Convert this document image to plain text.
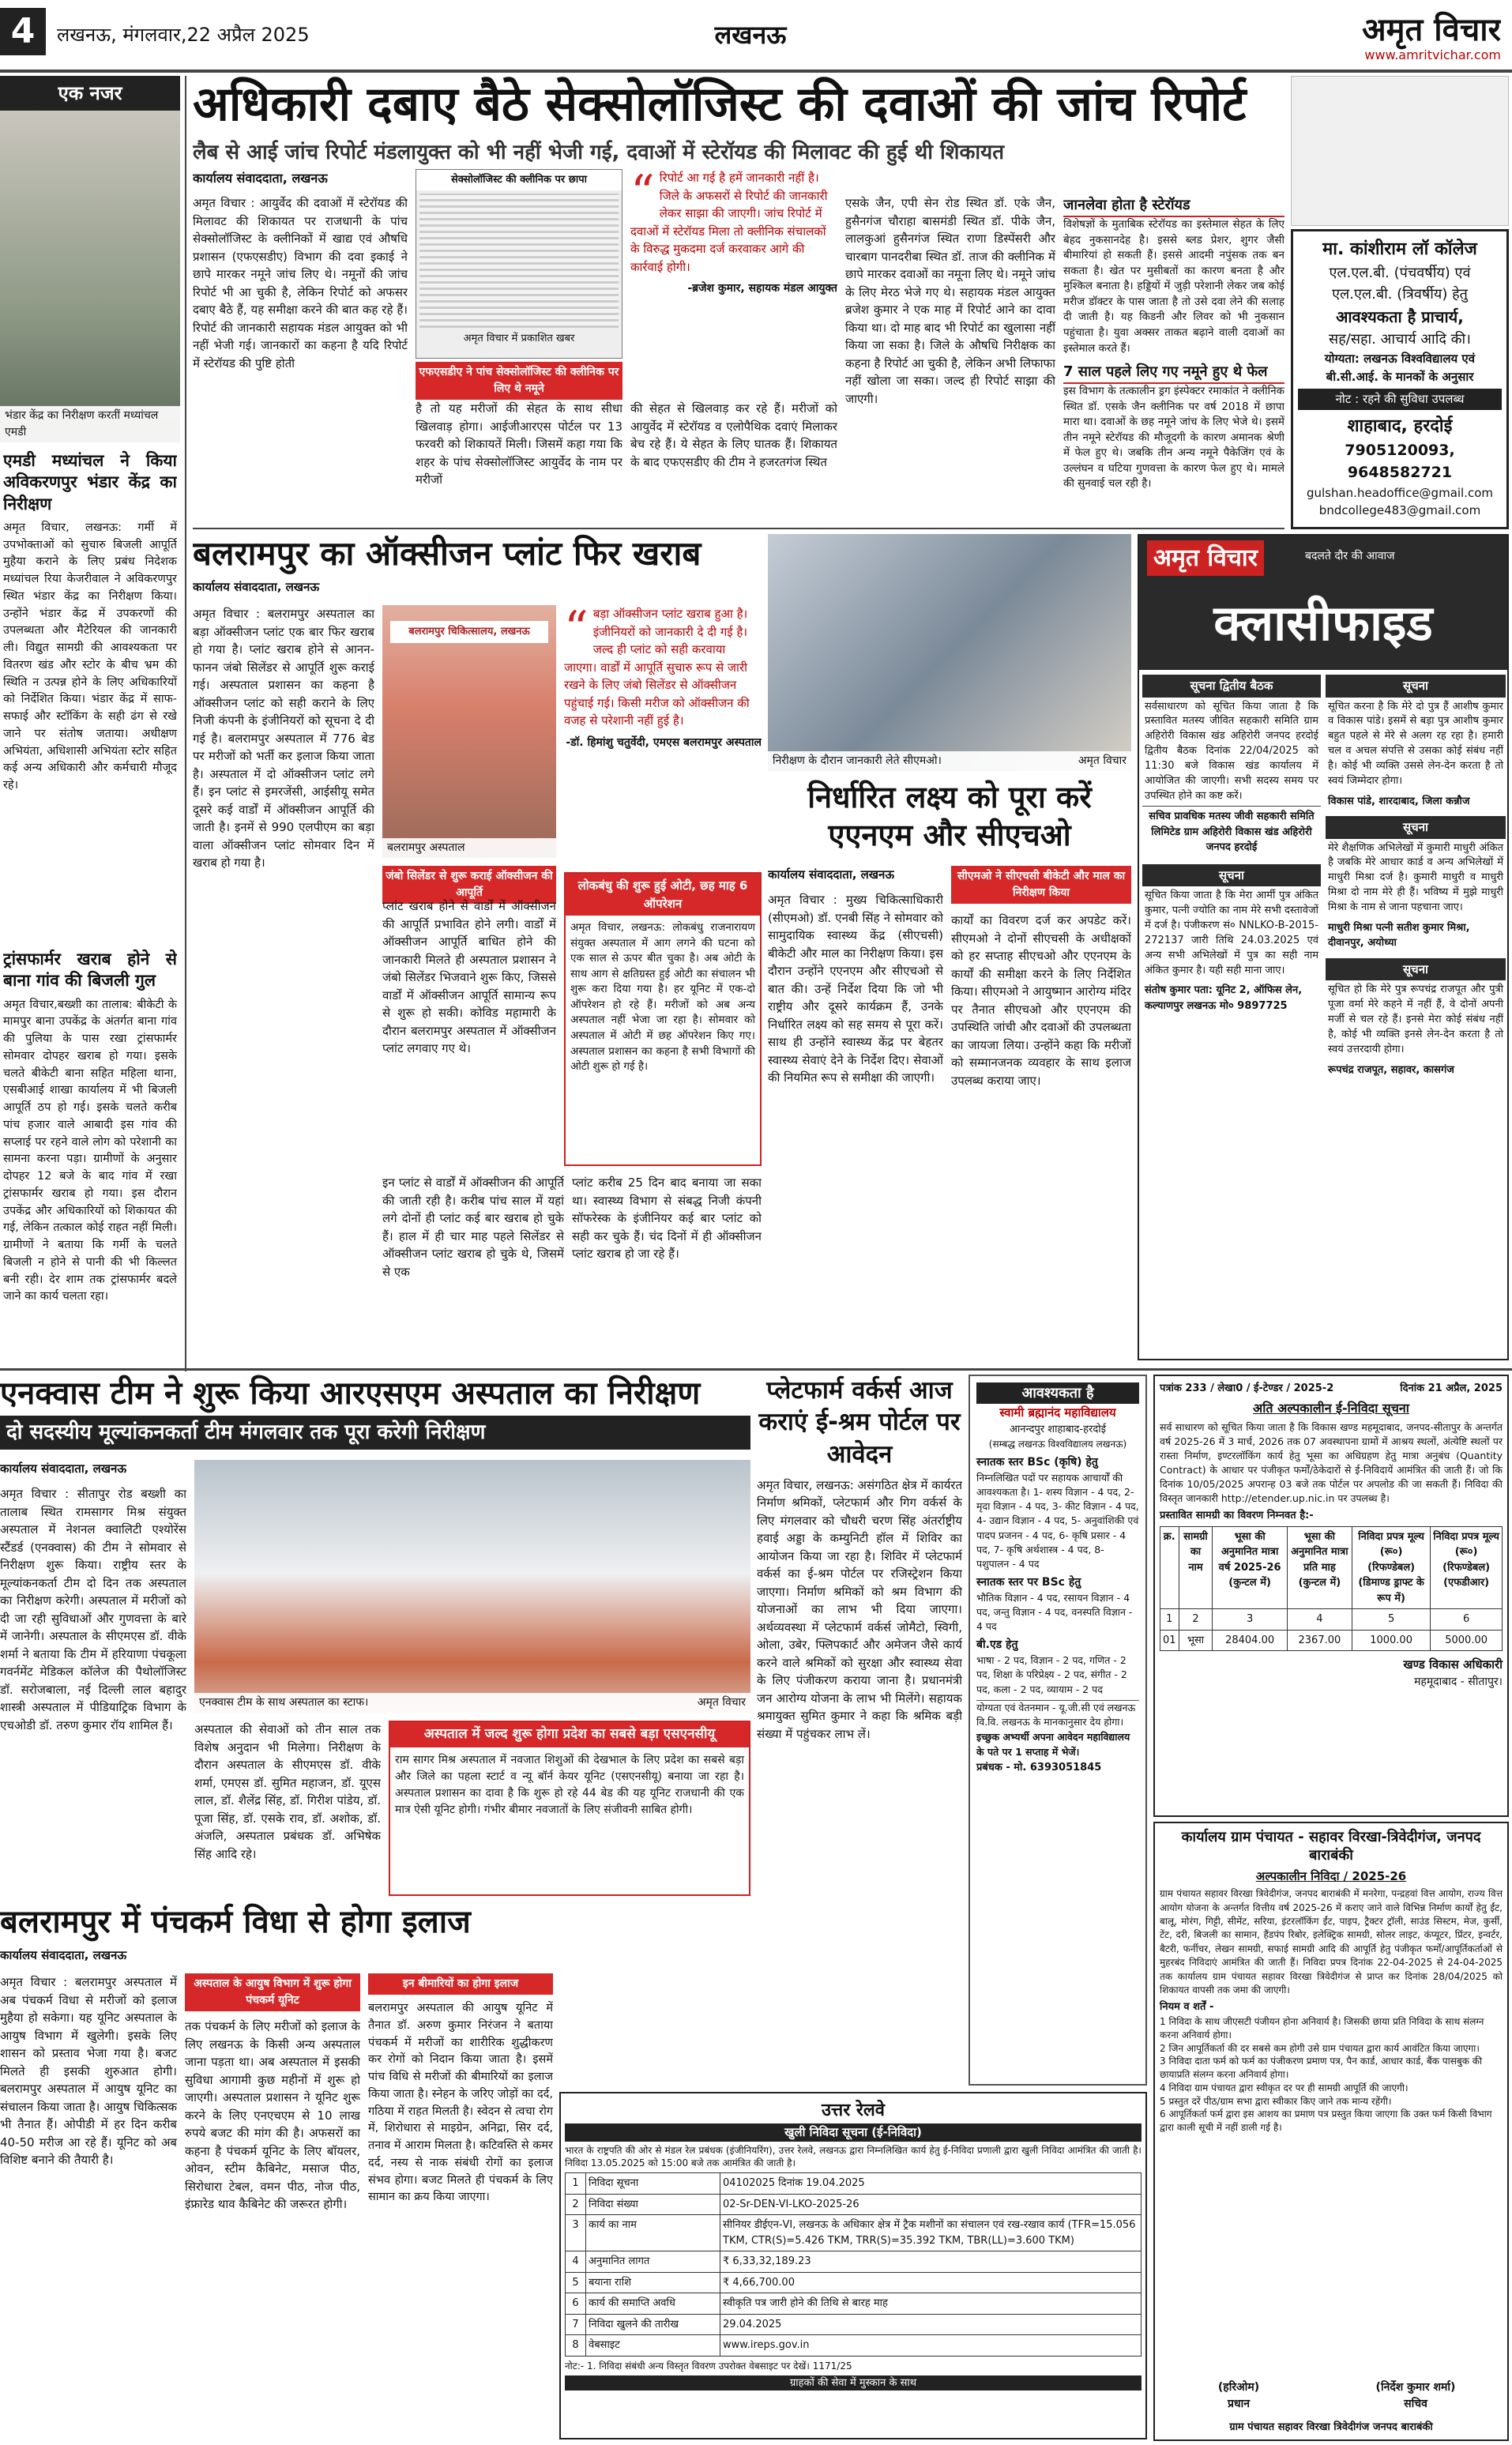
4	लखनऊ, मंगलवार,22 अप्रैल 2025	लखनऊ	अमृत विचार
www.amritvichar.com
एक नजर
भंडार केंद्र का निरीक्षण करतीं मध्यांचल एमडी
एमडी मध्यांचल ने किया अविकरणपुर भंडार केंद्र का निरीक्षण
अमृत विचार, लखनऊ: गर्मी में उपभोक्ताओं को सुचारु बिजली आपूर्ति मुहैया कराने के लिए प्रबंध निदेशक मध्यांचल रिया केजरीवाल ने अविकरणपुर स्थित भंडार केंद्र का निरीक्षण किया। उन्होंने भंडार केंद्र में उपकरणों की उपलब्धता और मैटेरियल की जानकारी ली। विद्युत सामग्री की आवश्यकता पर वितरण खंड और स्टोर के बीच भ्रम की स्थिति न उत्पन्न होने के लिए अधिकारियों को निर्देशित किया। भंडार केंद्र में साफ-सफाई और स्टॉकिंग के सही ढंग से रखे जाने पर संतोष जताया। अधीक्षण अभियंता, अधिशासी अभियंता स्टोर सहित कई अन्य अधिकारी और कर्मचारी मौजूद रहे।
ट्रांसफार्मर खराब होने से बाना गांव की बिजली गुल
अमृत विचार,बख्शी का तालाब: बीकेटी के मामपुर बाना उपकेंद्र के अंतर्गत बाना गांव की पुलिया के पास रखा ट्रांसफार्मर सोमवार दोपहर खराब हो गया। इसके चलते बीकेटी बाना सहित महिला थाना, एसबीआई शाखा कार्यालय में भी बिजली आपूर्ति ठप हो गई। इसके चलते करीब पांच हजार वाले आबादी इस गांव की सप्लाई पर रहने वाले लोग को परेशानी का सामना करना पड़ा। ग्रामीणों के अनुसार दोपहर 12 बजे के बाद गांव में रखा ट्रांसफार्मर खराब हो गया। इस दौरान उपकेंद्र और अधिकारियों को शिकायत की गई, लेकिन तत्काल कोई राहत नहीं मिली। ग्रामीणों ने बताया कि गर्मी के चलते बिजली न होने से पानी की भी किल्लत बनी रही। देर शाम तक ट्रांसफार्मर बदले जाने का कार्य चलता रहा।
अधिकारी दबाए बैठे सेक्सोलॉजिस्ट की दवाओं की जांच रिपोर्ट
लैब से आई जांच रिपोर्ट मंडलायुक्त को भी नहीं भेजी गई, दवाओं में स्टेरॉयड की मिलावट की हुई थी शिकायत
कार्यालय संवाददाता, लखनऊ
अमृत विचार : आयुर्वेद की दवाओं में स्टेरॉयड की मिलावट की शिकायत पर राजधानी के पांच सेक्सोलॉजिस्ट के क्लीनिकों में खाद्य एवं औषधि प्रशासन (एफएसडीए) विभाग की दवा इकाई ने छापे मारकर नमूने जांच लिए थे। नमूनों की जांच रिपोर्ट भी आ चुकी है, लेकिन रिपोर्ट को अफसर दबाए बैठे हैं, यह समीक्षा करने की बात कह रहे हैं। रिपोर्ट की जानकारी सहायक मंडल आयुक्त को भी नहीं भेजी गई। जानकारों का कहना है यदि रिपोर्ट में स्टेरॉयड की पुष्टि होती
सेक्सोलॉजिस्ट की क्लीनिक पर छापा
अमृत विचार में प्रकाशित खबर
एफएसडीए ने पांच सेक्सोलॉजिस्ट की क्लीनिक पर लिए थे नमूने
है तो यह मरीजों की सेहत के साथ सीधा खिलवाड़ होगा। आईजीआरएस पोर्टल पर 13 फरवरी को शिकायतें मिली। जिसमें कहा गया कि शहर के पांच सेक्सोलॉजिस्ट आयुर्वेद के नाम पर मरीजों
“ रिपोर्ट आ गई है हमें जानकारी नहीं है। जिले के अफसरों से रिपोर्ट की जानकारी लेकर साझा की जाएगी। जांच रिपोर्ट में दवाओं में स्टेरॉयड मिला तो क्लीनिक संचालकों के विरुद्ध मुकदमा दर्ज करवाकर आगे की कार्रवाई होगी।
-ब्रजेश कुमार, सहायक मंडल आयुक्त
की सेहत से खिलवाड़ कर रहे हैं। मरीजों को आयुर्वेद में स्टेरॉयड व एलोपैथिक दवाएं मिलाकर बेच रहे हैं। ये सेहत के लिए घातक हैं। शिकायत के बाद एफएसडीए की टीम ने हजरतगंज स्थित
एसके जैन, एपी सेन रोड स्थित डॉ. एके जैन, हुसैनगंज चौराहा बासमंडी स्थित डॉ. पीके जैन, लालकुआं हुसैनगंज स्थित राणा डिस्पेंसरी और चारबाग पानदरीबा स्थित डॉ. ताज की क्लीनिक में छापे मारकर दवाओं का नमूना लिए थे। नमूने जांच के लिए मेरठ भेजे गए थे। सहायक मंडल आयुक्त ब्रजेश कुमार ने एक माह में रिपोर्ट आने का दावा किया था। दो माह बाद भी रिपोर्ट का खुलासा नहीं किया जा सका है। जिले के औषधि निरीक्षक का कहना है रिपोर्ट आ चुकी है, लेकिन अभी लिफाफा नहीं खोला जा सका। जल्द ही रिपोर्ट साझा की जाएगी।
जानलेवा होता है स्टेरॉयड
विशेषज्ञों के मुताबिक स्टेरॉयड का इस्तेमाल सेहत के लिए बेहद नुकसानदेह है। इससे ब्लड प्रेशर, शुगर जैसी बीमारियां हो सकती हैं। इससे आदमी नपुंसक तक बन सकता है। खेत पर मुसीबतों का कारण बनता है और मुश्किल बनाता है। हड्डियों में जुड़ी परेशानी लेकर जब कोई मरीज डॉक्टर के पास जाता है तो उसे दवा लेने की सलाह दी जाती है। यह किडनी और लिवर को भी नुकसान पहुंचाता है। युवा अक्सर ताकत बढ़ाने वाली दवाओं का इस्तेमाल करते हैं।
7 साल पहले लिए गए नमूने हुए थे फेल
इस विभाग के तत्कालीन ड्रग इंस्पेक्टर रमाकांत ने क्लीनिक स्थित डॉ. एसके जैन क्लीनिक पर वर्ष 2018 में छापा मारा था। दवाओं के छह नमूने जांच के लिए भेजे थे। इसमें तीन नमूने स्टेरॉयड की मौजूदगी के कारण अमानक श्रेणी में फेल हुए थे। जबकि तीन अन्य नमूने पैकेजिंग एवं के उल्लंघन व घटिया गुणवत्ता के कारण फेल हुए थे। मामले की सुनवाई चल रही है।
मा. कांशीराम लॉ कॉलेज
एल.एल.बी. (पंचवर्षीय) एवं
एल.एल.बी. (त्रिवर्षीय) हेतु
आवश्यकता है प्राचार्य,
सह/सहा. आचार्य आदि की।
योग्यता: लखनऊ विश्वविद्यालय एवं बी.सी.आई. के मानकों के अनुसार
नोट : रहने की सुविधा उपलब्ध
शाहाबाद, हरदोई
7905120093, 9648582721
gulshan.headoffice@gmail.com
bndcollege483@gmail.com
बलरामपुर का ऑक्सीजन प्लांट फिर खराब
कार्यालय संवाददाता, लखनऊ
अमृत विचार : बलरामपुर अस्पताल का बड़ा ऑक्सीजन प्लांट एक बार फिर खराब हो गया है। प्लांट खराब होने से आनन-फानन जंबो सिलेंडर से आपूर्ति शुरू कराई गई। अस्पताल प्रशासन का कहना है ऑक्सीजन प्लांट को सही कराने के लिए निजी कंपनी के इंजीनियरों को सूचना दे दी गई है। बलरामपुर अस्पताल में 776 बेड पर मरीजों को भर्ती कर इलाज किया जाता है। अस्पताल में दो ऑक्सीजन प्लांट लगे हैं। इन प्लांट से इमरजेंसी, आईसीयू समेत दूसरे कई वार्डों में ऑक्सीजन आपूर्ति की जाती है। इनमें से 990 एलपीएम का बड़ा वाला ऑक्सीजन प्लांट सोमवार दिन में खराब हो गया है।
बलरामपुर चिकित्सालय, लखनऊ
बलरामपुर अस्पताल
जंबो सिलेंडर से शुरू कराई ऑक्सीजन की आपूर्ति
“ बड़ा ऑक्सीजन प्लांट खराब हुआ है। इंजीनियरों को जानकारी दे दी गई है। जल्द ही प्लांट को सही करवाया जाएगा। वार्डों में आपूर्ति सुचारु रूप से जारी रखने के लिए जंबो सिलेंडर से ऑक्सीजन पहुंचाई गई। किसी मरीज को ऑक्सीजन की वजह से परेशानी नहीं हुई है।
-डॉ. हिमांशु चतुर्वेदी, एमएस बलरामपुर अस्पताल
प्लांट खराब होने से वार्डों में ऑक्सीजन की आपूर्ति प्रभावित होने लगी। वार्डों में ऑक्सीजन आपूर्ति बाधित होने की जानकारी मिलते ही अस्पताल प्रशासन ने जंबो सिलेंडर भिजवाने शुरू किए, जिससे वार्डों में ऑक्सीजन आपूर्ति सामान्य रूप से शुरू हो सकी। कोविड महामारी के दौरान बलरामपुर अस्पताल में ऑक्सीजन प्लांट लगवाए गए थे।
लोकबंधु की शुरू हुई ओटी, छह माह 6 ऑपरेशन
अमृत विचार, लखनऊ: लोकबंधु राजनारायण संयुक्त अस्पताल में आग लगने की घटना को एक साल से ऊपर बीत चुका है। अब ओटी के साथ आग से क्षतिग्रस्त हुई ओटी का संचालन भी शुरू करा दिया गया है। हर यूनिट में एक-दो ऑपरेशन हो रहे हैं। मरीजों को अब अन्य अस्पताल नहीं भेजा जा रहा है। सोमवार को अस्पताल में ओटी में छह ऑपरेशन किए गए। अस्पताल प्रशासन का कहना है सभी विभागों की ओटी शुरू हो गई है।
इन प्लांट से वार्डों में ऑक्सीजन की आपूर्ति की जाती रही है। करीब पांच साल में यहां लगे दोनों ही प्लांट कई बार खराब हो चुके हैं। हाल में ही चार माह पहले सिलेंडर से ऑक्सीजन प्लांट खराब हो चुके थे, जिसमें से एक
प्लांट करीब 25 दिन बाद बनाया जा सका था। स्वास्थ्य विभाग से संबद्ध निजी कंपनी सॉफरेस्क के इंजीनियर कई बार प्लांट को सही कर चुके हैं। चंद दिनों में ही ऑक्सीजन प्लांट खराब हो जा रहे हैं।
निरीक्षण के दौरान जानकारी लेते सीएमओ।	अमृत विचार
निर्धारित लक्ष्य को पूरा करें एएनएम और सीएचओ
कार्यालय संवाददाता, लखनऊ
अमृत विचार : मुख्य चिकित्साधिकारी (सीएमओ) डॉ. एनबी सिंह ने सोमवार को सामुदायिक स्वास्थ्य केंद्र (सीएचसी) बीकेटी और माल का निरीक्षण किया। इस दौरान उन्होंने एएनएम और सीएचओ से बात की। उन्हें निर्देश दिया कि जो भी राष्ट्रीय और दूसरे कार्यक्रम हैं, उनके निर्धारित लक्ष्य को सह समय से पूरा करें। साथ ही उन्होंने स्वास्थ्य केंद्र पर बेहतर स्वास्थ्य सेवाएं देने के निर्देश दिए। सेवाओं की नियमित रूप से समीक्षा की जाएगी।
सीएमओ ने सीएचसी बीकेटी और माल का निरीक्षण किया
कार्यों का विवरण दर्ज कर अपडेट करें। सीएमओ ने दोनों सीएचसी के अधीक्षकों को हर सप्ताह सीएचओ और एएनएम के कार्यों की समीक्षा करने के लिए निर्देशित किया। सीएमओ ने आयुष्मान आरोग्य मंदिर पर तैनात सीएचओ और एएनएम की उपस्थिति जांची और दवाओं की उपलब्धता का जायजा लिया। उन्होंने कहा कि मरीजों को सम्मानजनक व्यवहार के साथ इलाज उपलब्ध कराया जाए।
अमृत विचार	बदलते दौर की आवाज
क्लासीफाइड
सूचना द्वितीय बैठक
सर्वसाधारण को सूचित किया जाता है कि प्रस्तावित मतस्य जीवित सहकारी समिति ग्राम अहिरोरी विकास खंड अहिरोरी जनपद हरदोई द्वितीय बैठक दिनांक 22/04/2025 को 11:30 बजे विकास खंड कार्यालय में आयोजित की जाएगी। सभी सदस्य समय पर उपस्थित होने का कष्ट करें।
सचिव प्रावधिक मतस्य जीवी सहकारी समिति लिमिटेड ग्राम अहिरोरी विकास खंड अहिरोरी जनपद हरदोई
सूचना
सूचित किया जाता है कि मेरा आर्मी पुत्र अंकित कुमार, पत्नी ज्योति का नाम मेरे सभी दस्तावेजों में दर्ज है। पंजीकरण सं० NNLKO-B-2015-272137 जारी तिथि 24.03.2025 एवं अन्य सभी अभिलेखों में पुत्र का सही नाम अंकित कुमार है। यही सही माना जाए।
संतोष कुमार पता: यूनिट 2, ऑफिस लेन, कल्याणपुर लखनऊ मो० 9897725
सूचना
सूचित करना है कि मेरे दो पुत्र हैं आशीष कुमार व विकास पांडे। इसमें से बड़ा पुत्र आशीष कुमार बहुत पहले से मेरे से अलग रह रहा है। हमारी चल व अचल संपत्ति से उसका कोई संबंध नहीं है। कोई भी व्यक्ति उससे लेन-देन करता है तो स्वयं जिम्मेदार होगा।
विकास पांडे, शारदाबाद, जिला कन्नौज
सूचना
मेरे शैक्षणिक अभिलेखों में कुमारी माधुरी अंकित है जबकि मेरे आधार कार्ड व अन्य अभिलेखों में माधुरी मिश्रा दर्ज है। कुमारी माधुरी व माधुरी मिश्रा दो नाम मेरे ही हैं। भविष्य में मुझे माधुरी मिश्रा के नाम से जाना पहचाना जाए।
माधुरी मिश्रा पत्नी सतीश कुमार मिश्रा, दीवानपुर, अयोध्या
सूचना
सूचित हो कि मेरे पुत्र रूपचंद्र राजपूत और पुत्री पूजा वर्मा मेरे कहने में नहीं हैं, वे दोनों अपनी मर्जी से चल रहे हैं। इनसे मेरा कोई संबंध नहीं है, कोई भी व्यक्ति इनसे लेन-देन करता है तो स्वयं उत्तरदायी होगा।
रूपचंद्र राजपूत, सहावर, कासगंज
एनक्वास टीम ने शुरू किया आरएसएम अस्पताल का निरीक्षण
दो सदस्यीय मूल्यांकनकर्ता टीम मंगलवार तक पूरा करेगी निरीक्षण
कार्यालय संवाददाता, लखनऊ
अमृत विचार : सीतापुर रोड बख्शी का तालाब स्थित रामसागर मिश्र संयुक्त अस्पताल में नेशनल क्वालिटी एश्योरेंस स्टैंडर्ड (एनक्वास) की टीम ने सोमवार से निरीक्षण शुरू किया। राष्ट्रीय स्तर के मूल्यांकनकर्ता टीम दो दिन तक अस्पताल का निरीक्षण करेगी। अस्पताल में मरीजों को दी जा रही सुविधाओं और गुणवत्ता के बारे में जानेगी। अस्पताल के सीएमएस डॉ. वीके शर्मा ने बताया कि टीम में हरियाणा पंचकूला गवर्नमेंट मेडिकल कॉलेज की पैथोलॉजिस्ट डॉ. सरोजबाला, नई दिल्ली लाल बहादुर शास्त्री अस्पताल में पीडियाट्रिक विभाग के एचओडी डॉ. तरुण कुमार रॉय शामिल हैं।
एनक्वास टीम के साथ अस्पताल का स्टाफ।	अमृत विचार
अस्पताल की सेवाओं को तीन साल तक विशेष अनुदान भी मिलेगा। निरीक्षण के दौरान अस्पताल के सीएमएस डॉ. वीके शर्मा, एमएस डॉ. सुमित महाजन, डॉ. यूएस लाल, डॉ. शैलेंद्र सिंह, डॉ. गिरीश पांडेय, डॉ. पूजा सिंह, डॉ. एसके राव, डॉ. अशोक, डॉ. अंजलि, अस्पताल प्रबंधक डॉ. अभिषेक सिंह आदि रहे।
अस्पताल में जल्द शुरू होगा प्रदेश का सबसे बड़ा एसएनसीयू
राम सागर मिश्र अस्पताल में नवजात शिशुओं की देखभाल के लिए प्रदेश का सबसे बड़ा और जिले का पहला स्टार्ट व न्यू बॉर्न केयर यूनिट (एसएनसीयू) बनाया जा रहा है। अस्पताल प्रशासन का दावा है कि शुरू हो रहे 44 बेड की यह यूनिट राजधानी की एक मात्र ऐसी यूनिट होगी। गंभीर बीमार नवजातों के लिए संजीवनी साबित होगी।
प्लेटफार्म वर्कर्स आज कराएं ई-श्रम पोर्टल पर आवेदन
अमृत विचार, लखनऊ: असंगठित क्षेत्र में कार्यरत निर्माण श्रमिकों, प्लेटफार्म और गिग वर्कर्स के लिए मंगलवार को चौधरी चरण सिंह अंतर्राष्ट्रीय हवाई अड्डा के कम्युनिटी हॉल में शिविर का आयोजन किया जा रहा है। शिविर में प्लेटफार्म वर्कर्स का ई-श्रम पोर्टल पर रजिस्ट्रेशन किया जाएगा। निर्माण श्रमिकों को श्रम विभाग की योजनाओं का लाभ भी दिया जाएगा। अर्थव्यवस्था में प्लेटफार्म वर्कर्स जोमैटो, स्विगी, ओला, उबेर, फ्लिपकार्ट और अमेजन जैसे कार्य करने वाले श्रमिकों को सुरक्षा और स्वास्थ्य सेवा के लिए पंजीकरण कराया जाना है। प्रधानमंत्री जन आरोग्य योजना के लाभ भी मिलेंगे। सहायक श्रमायुक्त सुमित कुमार ने कहा कि श्रमिक बड़ी संख्या में पहुंचकर लाभ लें।
आवश्यकता है
स्वामी ब्रह्मानंद महाविद्यालय
आनन्दपुर शाहाबाद-हरदोई
(सम्बद्ध लखनऊ विश्वविद्यालय लखनऊ)
स्नातक स्तर BSc (कृषि) हेतु
निम्नलिखित पदों पर सहायक आचार्यों की आवश्यकता है। 1- शस्य विज्ञान - 4 पद, 2- मृदा विज्ञान - 4 पद, 3- कीट विज्ञान - 4 पद, 4- उद्यान विज्ञान - 4 पद, 5- अनुवांशिकी एवं पादप प्रजनन - 4 पद, 6- कृषि प्रसार - 4 पद, 7- कृषि अर्थशास्त्र - 4 पद, 8- पशुपालन - 4 पद
स्नातक स्तर पर BSc हेतु
भौतिक विज्ञान - 4 पद, रसायन विज्ञान - 4 पद, जन्तु विज्ञान - 4 पद, वनस्पति विज्ञान - 4 पद
बी.एड हेतु
भाषा - 2 पद, विज्ञान - 2 पद, गणित - 2 पद, शिक्षा के परिप्रेक्ष्य - 2 पद, संगीत - 2 पद, कला - 2 पद, व्यायाम - 2 पद
योग्यता एवं वेतनमान - यू.जी.सी एवं लखनऊ वि.वि. लखनऊ के मानकानुसार देय होगा।
इच्छुक अभ्यर्थी अपना आवेदन महाविद्यालय के पते पर 1 सप्ताह में भेजें।
प्रबंधक - मो. 6393051845
पत्रांक 233 / लेखा0 / ई-टेण्डर / 2025-2	दिनांक 21 अप्रैल, 2025
अति अल्पकालीन ई-निविदा सूचना
सर्व साधारण को सूचित किया जाता है कि विकास खण्ड महमूदाबाद, जनपद-सीतापुर के अन्तर्गत वर्ष 2025-26 में 3 मार्च, 2026 तक 07 अवस्थापना ग्रामों में आश्रय स्थलों, अंत्येष्टि स्थलों पर रास्ता निर्माण, इण्टरलॉकिंग कार्य हेतु भूसा का अधिग्रहण हेतु मात्रा अनुबंध (Quantity Contract) के आधार पर पंजीकृत फर्मों/ठेकेदारों से ई-निविदायें आमंत्रित की जाती हैं। जो कि दिनांक 10/05/2025 अपरान्ह 03 बजे तक पोर्टल पर अपलोड की जा सकती हैं। निविदा की विस्तृत जानकारी http://etender.up.nic.in पर उपलब्ध है।
प्रस्तावित सामग्री का विवरण निम्नवत है:-
क्र.	सामग्री का नाम	भूसा की अनुमानित मात्रा वर्ष 2025-26 (कुन्टल में)	भूसा की अनुमानित मात्रा प्रति माह (कुन्टल में)	निविदा प्रपत्र मूल्य (रू०) (रिफण्डेबल) (डिमाण्ड ड्राफ्ट के रूप में)	निविदा प्रपत्र मूल्य (रू०) (रिफण्डेबल) (एफडीआर)
1	2	3	4	5	6
01	भूसा	28404.00	2367.00	1000.00	5000.00
खण्ड विकास अधिकारी
महमूदाबाद - सीतापुर।
कार्यालय ग्राम पंचायत - सहावर विरखा-त्रिवेदीगंज, जनपद बाराबंकी
अल्पकालीन निविदा / 2025-26
ग्राम पंचायत सहावर विरखा त्रिवेदीगंज, जनपद बाराबंकी में मनरेगा, पन्द्रहवां वित्त आयोग, राज्य वित्त आयोग योजना के अन्तर्गत वित्तीय वर्ष 2025-26 में कराए जाने वाले विभिन्न निर्माण कार्यों हेतु ईंट, बालू, मोरंग, गिट्टी, सीमेंट, सरिया, इंटरलॉकिंग ईंट, पाइप, ट्रैक्टर ट्रॉली, साउंड सिस्टम, मेज, कुर्सी, टेंट, दरी, बिजली का सामान, हैंडपंप रिबोर, इलेक्ट्रिक सामग्री, सोलर लाइट, कंप्यूटर, प्रिंटर, इन्वर्टर, बैटरी, फर्नीचर, लेखन सामग्री, सफाई सामग्री आदि की आपूर्ति हेतु पंजीकृत फर्मों/आपूर्तिकर्ताओं से मुहरबंद निविदाएं आमंत्रित की जाती हैं। निविदा प्रपत्र दिनांक 22-04-2025 से 24-04-2025 तक कार्यालय ग्राम पंचायत सहावर विरखा त्रिवेदीगंज से प्राप्त कर दिनांक 28/04/2025 को शिकायत वापसी तक जमा की जाएगी।
नियम व शर्तें -
1 निविदा के साथ जीएसटी पंजीयन होना अनिवार्य है। जिसकी छाया प्रति निविदा के साथ संलग्न करना अनिवार्य होगा।
2 जिन आपूर्तिकर्ता की दर सबसे कम होगी उसे ग्राम पंचायत द्वारा कार्य आवंटित किया जाएगा।
3 निविदा दाता फर्म को फर्म का पंजीकरण प्रमाण पत्र, पैन कार्ड, आधार कार्ड, बैंक पासबुक की छायाप्रति संलग्न करना अनिवार्य होगा।
4 निविदा ग्राम पंचायत द्वारा स्वीकृत दर पर ही सामग्री आपूर्ति की जाएगी।
5 प्रस्तुत दरें पीठ/ग्राम सभा द्वारा स्वीकार किए जाने तक मान्य रहेंगी।
6 आपूर्तिकर्ता फर्म द्वारा इस आशय का प्रमाण पत्र प्रस्तुत किया जाएगा कि उक्त फर्म किसी विभाग द्वारा काली सूची में नहीं डाली गई है।
(हरिओम)
प्रधान
(निर्देश कुमार शर्मा)
सचिव
ग्राम पंचायत सहावर विरखा त्रिवेदीगंज जनपद बाराबंकी
बलरामपुर में पंचकर्म विधा से होगा इलाज
कार्यालय संवाददाता, लखनऊ
अमृत विचार : बलरामपुर अस्पताल में अब पंचकर्म विधा से मरीजों को इलाज मुहैया हो सकेगा। यह यूनिट अस्पताल के आयुष विभाग में खुलेगी। इसके लिए शासन को प्रस्ताव भेजा गया है। बजट मिलते ही इसकी शुरुआत होगी। बलरामपुर अस्पताल में आयुष यूनिट का संचालन किया जाता है। आयुष चिकित्सक भी तैनात हैं। ओपीडी में हर दिन करीब 40-50 मरीज आ रहे हैं। यूनिट को अब विशिष्ट बनाने की तैयारी है।
अस्पताल के आयुष विभाग में शुरू होगा पंचकर्म यूनिट
तक पंचकर्म के लिए मरीजों को इलाज के लिए लखनऊ के किसी अन्य अस्पताल जाना पड़ता था। अब अस्पताल में इसकी सुविधा आगामी कुछ महीनों में शुरू हो जाएगी। अस्पताल प्रशासन ने यूनिट शुरू करने के लिए एनएचएम से 10 लाख रुपये बजट की मांग की है। अफसरों का कहना है पंचकर्म यूनिट के लिए बॉयलर, ओवन, स्टीम कैबिनेट, मसाज पीठ, सिरोधारा टेबल, वमन पीठ, नोज पीठ, इंफ्रारेड थाव कैबिनेट की जरूरत होगी।
इन बीमारियों का होगा इलाज
बलरामपुर अस्पताल की आयुष यूनिट में तैनात डॉ. अरुण कुमार निरंजन ने बताया पंचकर्म में मरीजों का शारीरिक शुद्धीकरण कर रोगों को निदान किया जाता है। इसमें पांच विधि से मरीजों की बीमारियों का इलाज किया जाता है। स्नेहन के जरिए जोड़ों का दर्द, गठिया में राहत मिलती है। स्वेदन से त्वचा रोग में, शिरोधारा से माइग्रेन, अनिद्रा, सिर दर्द, तनाव में आराम मिलता है। कटिवस्ति से कमर दर्द, नस्य से नाक संबंधी रोगों का इलाज संभव होगा। बजट मिलते ही पंचकर्म के लिए सामान का क्रय किया जाएगा।
उत्तर रेलवे
खुली निविदा सूचना (ई-निविदा)
भारत के राष्ट्रपति की ओर से मंडल रेल प्रबंधक (इंजीनियरिंग), उत्तर रेलवे, लखनऊ द्वारा निम्नलिखित कार्य हेतु ई-निविदा प्रणाली द्वारा खुली निविदा आमंत्रित की जाती है। निविदा 13.05.2025 को 15:00 बजे तक आमंत्रित की जाती है।
1	निविदा सूचना	04102025 दिनांक 19.04.2025
2	निविदा संख्या	02-Sr-DEN-VI-LKO-2025-26
3	कार्य का नाम	सीनियर डीईएन-VI, लखनऊ के अधिकार क्षेत्र में ट्रैक मशीनों का संचालन एवं रख-रखाव कार्य (TFR=15.056 TKM, CTR(S)=5.426 TKM, TRR(S)=35.392 TKM, TBR(LL)=3.600 TKM)
4	अनुमानित लागत	₹ 6,33,32,189.23
5	बयाना राशि	₹ 4,66,700.00
6	कार्य की समाप्ति अवधि	स्वीकृति पत्र जारी होने की तिथि से बारह माह
7	निविदा खुलने की तारीख	29.04.2025
8	वेबसाइट	www.ireps.gov.in
नोट:- 1. निविदा संबंधी अन्य विस्तृत विवरण उपरोक्त वेबसाइट पर देखें। 1171/25
ग्राहकों की सेवा में मुस्कान के साथ
